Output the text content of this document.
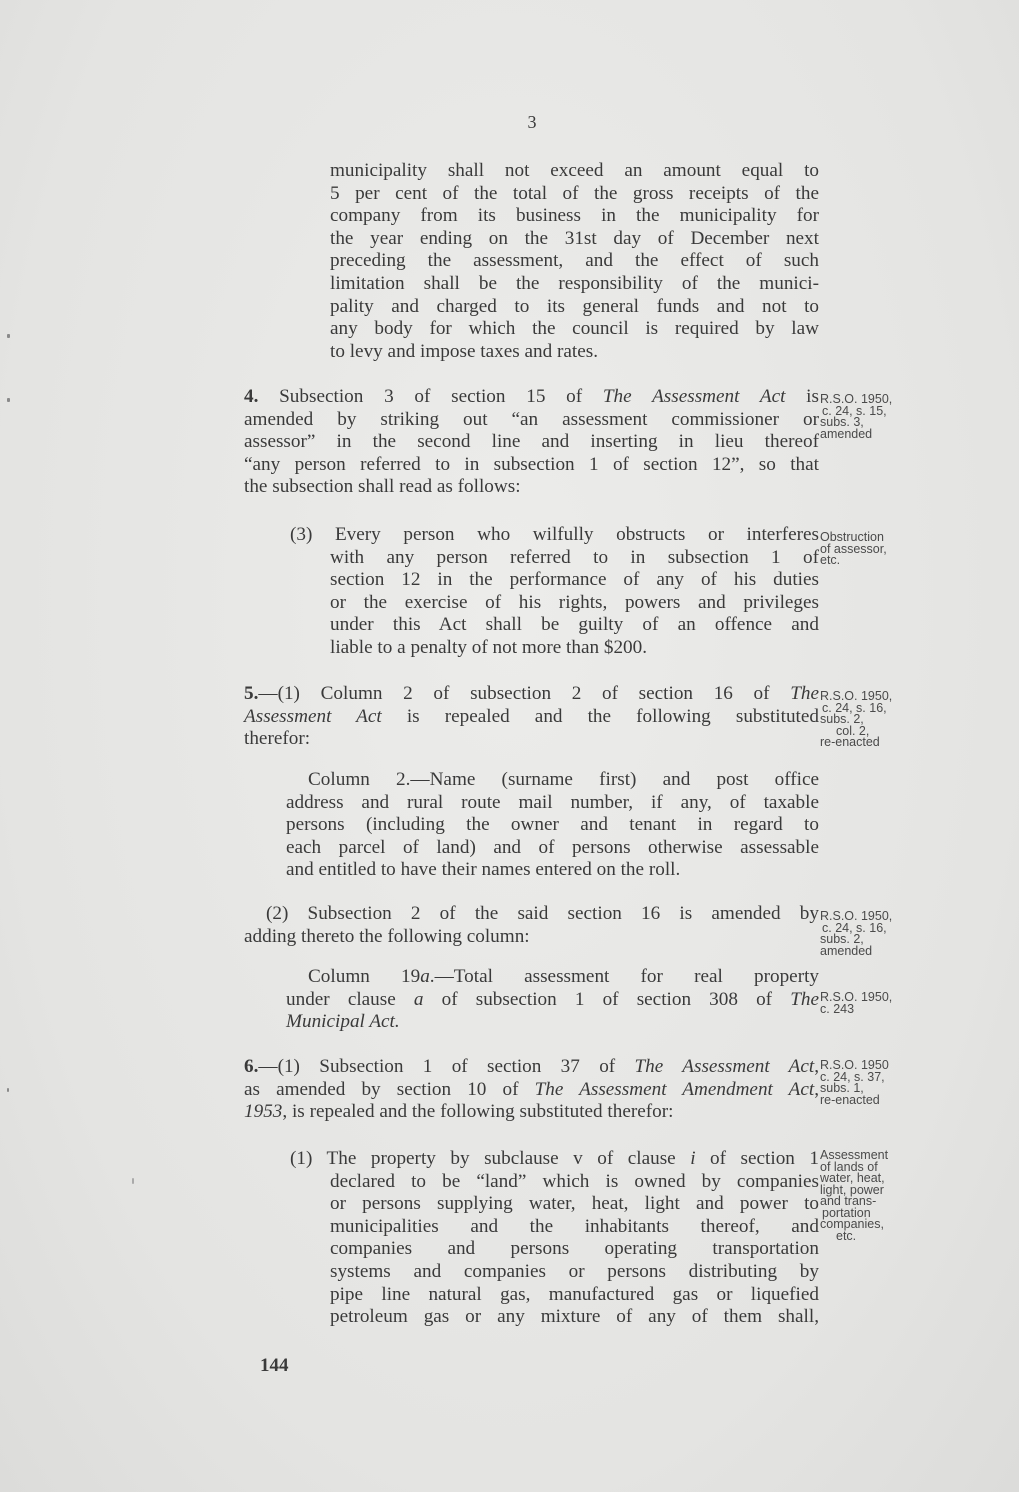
3
municipality shall not exceed an amount equal to
5 per cent of the total of the gross receipts of the
company from its business in the municipality for
the year ending on the 31st day of December next
preceding the assessment, and the effect of such
limitation shall be the responsibility of the munici-
pality and charged to its general funds and not to
any body for which the council is required by law
to levy and impose taxes and rates.
4. Subsection 3 of section 15 of The Assessment Act is
amended by striking out “an assessment commissioner or
assessor” in the second line and inserting in lieu thereof
“any person referred to in subsection 1 of section 12”, so that
the subsection shall read as follows:
R.S.O. 1950,
c. 24, s. 15,
subs. 3,
amended
(3) Every person who wilfully obstructs or interferes
with any person referred to in subsection 1 of
section 12 in the performance of any of his duties
or the exercise of his rights, powers and privileges
under this Act shall be guilty of an offence and
liable to a penalty of not more than $200.
Obstruction
of assessor,
etc.
5.—(1) Column 2 of subsection 2 of section 16 of The
Assessment Act is repealed and the following substituted
therefor:
R.S.O. 1950,
c. 24, s. 16,
subs. 2,
col. 2,
re-enacted
Column 2.—Name (surname first) and post office
address and rural route mail number, if any, of taxable
persons (including the owner and tenant in regard to
each parcel of land) and of persons otherwise assessable
and entitled to have their names entered on the roll.
(2) Subsection 2 of the said section 16 is amended by
adding thereto the following column:
R.S.O. 1950,
c. 24, s. 16,
subs. 2,
amended
Column 19a.—Total assessment for real property
under clause a of subsection 1 of section 308 of The
Municipal Act.
R.S.O. 1950,
c. 243
6.—(1) Subsection 1 of section 37 of The Assessment Act,
as amended by section 10 of The Assessment Amendment Act,
1953, is repealed and the following substituted therefor:
R.S.O. 1950
c. 24, s. 37,
subs. 1,
re-enacted
(1) The property by subclause v of clause i of section 1
declared to be “land” which is owned by companies
or persons supplying water, heat, light and power to
municipalities and the inhabitants thereof, and
companies and persons operating transportation
systems and companies or persons distributing by
pipe line natural gas, manufactured gas or liquefied
petroleum gas or any mixture of any of them shall,
Assessment
of lands of
water, heat,
light, power
and trans-
portation
companies,
etc.
144
